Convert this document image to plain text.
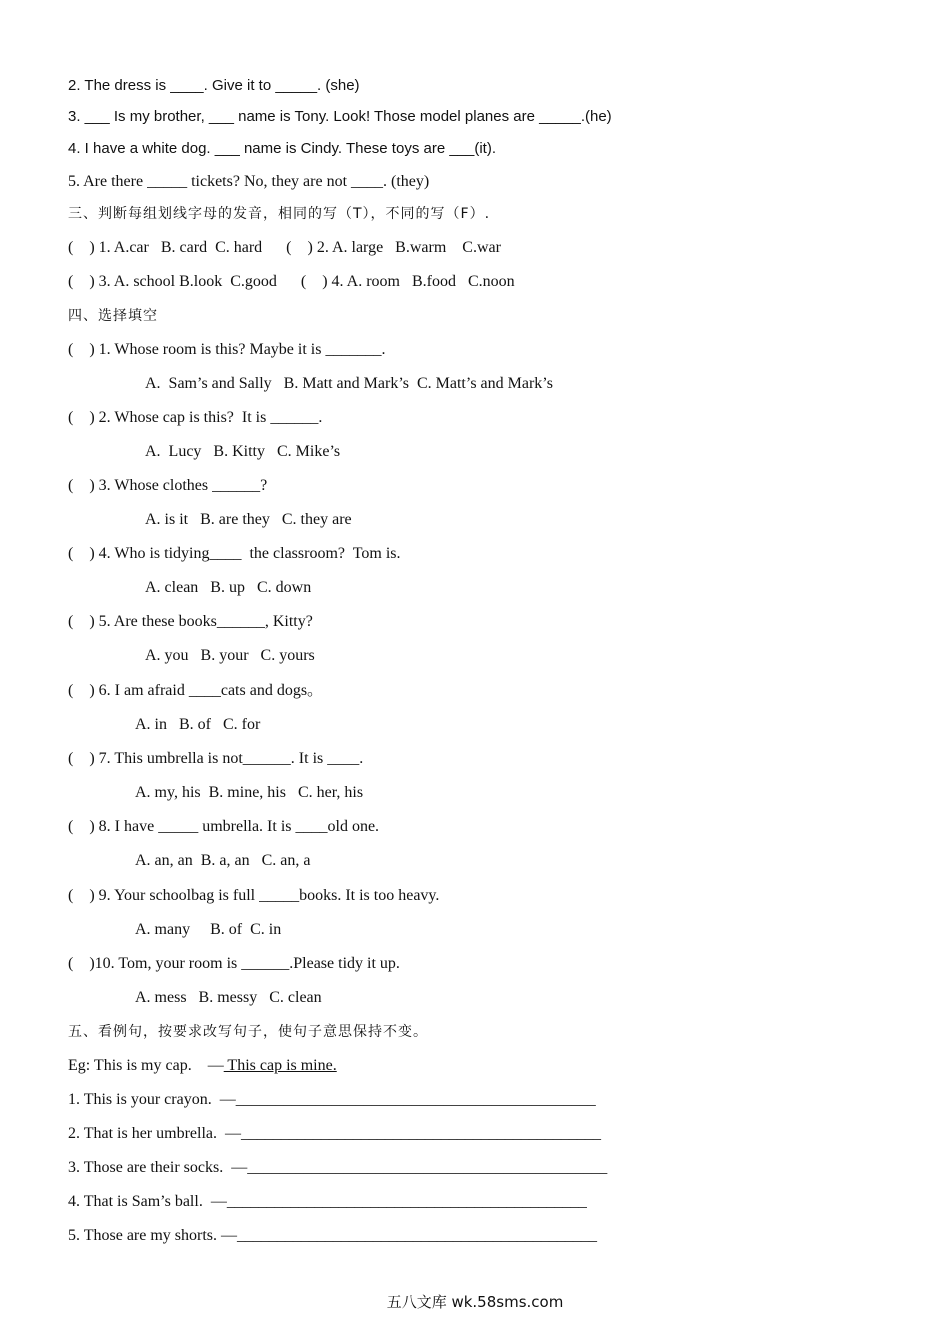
2. The dress is ____. Give it to _____. (she)
3. ___ Is my brother, ___ name is Tony. Look! Those model planes are _____.(he)
4. I have a white dog. ___ name is Cindy. These toys are ___(it).
5. Are there _____ tickets? No, they are not ____. (they)
三、判断每组划线字母的发音，相同的写（T），不同的写（F）.
(    ) 1. A.car   B. card  C. hard      (    ) 2. A. large   B.warm    C.war
(    ) 3. A. school B.look  C.good      (    ) 4. A. room   B.food   C.noon
四、选择填空
(    ) 1. Whose room is this? Maybe it is _______.
A.  Sam’s and Sally   B. Matt and Mark’s  C. Matt’s and Mark’s
(    ) 2. Whose cap is this?  It is ______.
A.  Lucy   B. Kitty   C. Mike’s
(    ) 3. Whose clothes ______?
A. is it   B. are they   C. they are
(    ) 4. Who is tidying____  the classroom?  Tom is.
A. clean   B. up   C. down
(    ) 5. Are these books______, Kitty?
A. you   B. your   C. yours
(    ) 6. I am afraid ____cats and dogs。
A. in   B. of   C. for
(    ) 7. This umbrella is not______. It is ____.
A. my, his  B. mine, his   C. her, his
(    ) 8. I have _____ umbrella. It is ____old one.
A. an, an  B. a, an   C. an, a
(    ) 9. Your schoolbag is full _____books. It is too heavy.
A. many     B. of  C. in
(    )10. Tom, your room is ______.Please tidy it up.
A. mess   B. messy   C. clean
五、看例句，按要求改写句子，使句子意思保持不变。
Eg: This is my cap.    — This cap is mine.
1. This is your crayon.  —_____________________________________________
2. That is her umbrella.  —_____________________________________________
3. Those are their socks.  —_____________________________________________
4. That is Sam’s ball.  —_____________________________________________
5. Those are my shorts. —_____________________________________________
五八文库 wk.58sms.com
